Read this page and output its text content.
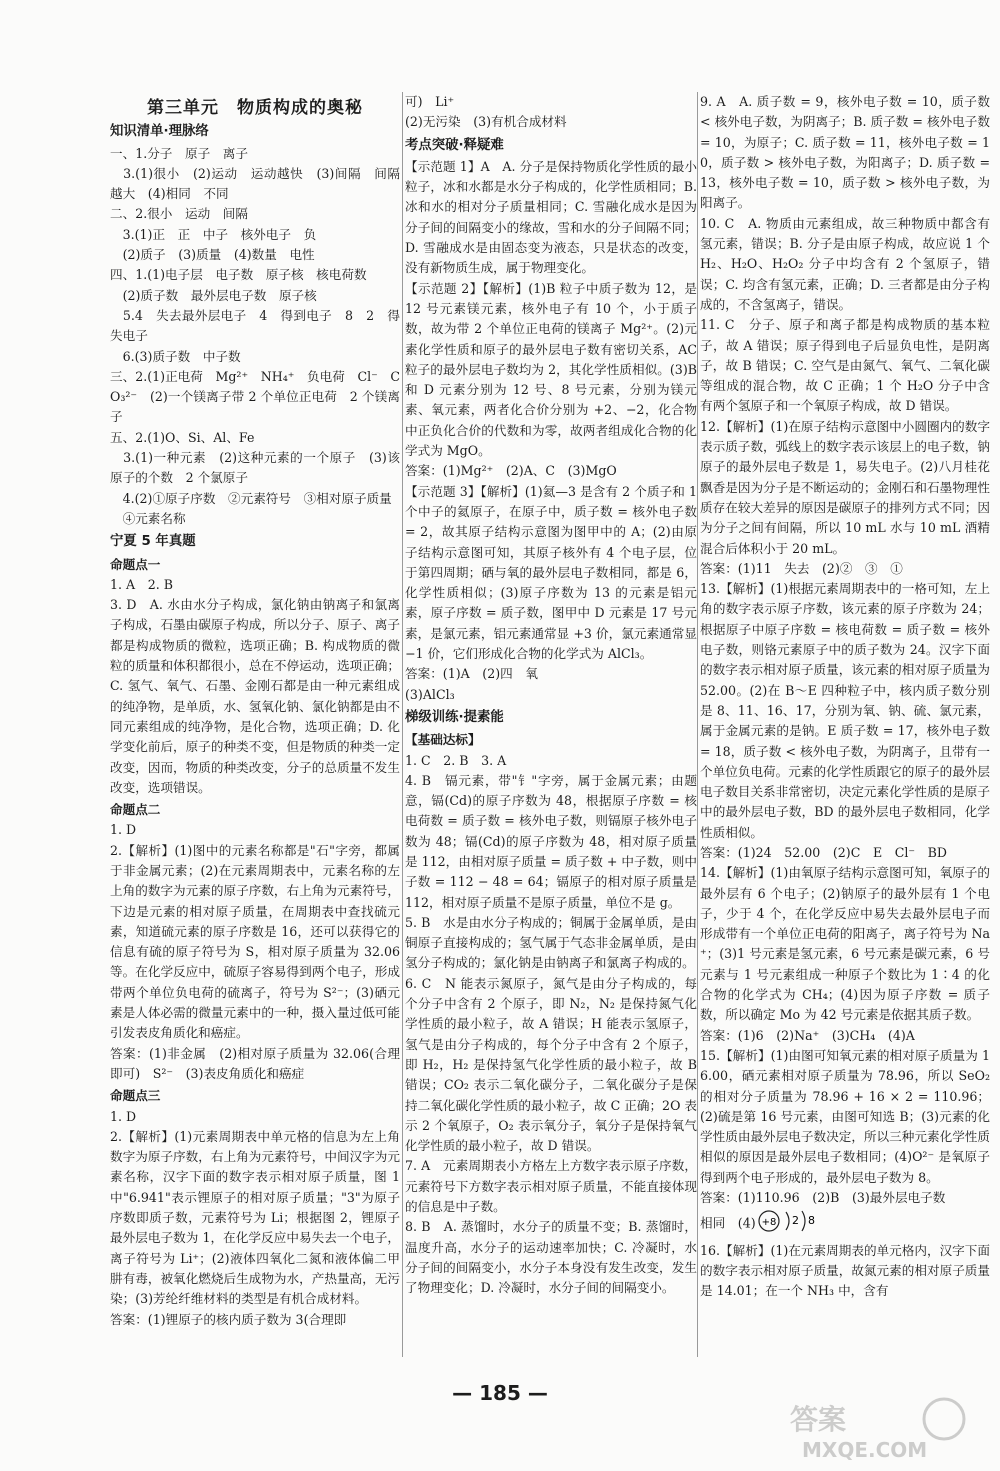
第三单元　物质构成的奥秘
知识清单·理脉络
一、1.分子　原子　离子
　3.(1)很小　(2)运动　运动越快　(3)间隔　间隔越大　(4)相同　不同
二、2.很小　运动　间隔
　3.(1)正　正　中子　核外电子　负
　(2)质子　(3)质量　(4)数量　电性
四、1.(1)电子层　电子数　原子核　核电荷数
　(2)质子数　最外层电子数　原子核
　5.4　失去最外层电子　4　得到电子　8　2　得失电子
　6.(3)质子数　中子数
三、2.(1)正电荷　Mg²⁺　NH₄⁺　负电荷　Cl⁻　CO₃²⁻　(2)一个镁离子带 2 个单位正电荷　2 个镁离子
五、2.(1)O、Si、Al、Fe
　3.(1)一种元素　(2)这种元素的一个原子　(3)该原子的个数　2 个氯原子
　4.(2)①原子序数　②元素符号　③相对原子质量
　④元素名称
宁夏 5 年真题
命题点一
1. A　2. B
3. D　A. 水由水分子构成，氯化钠由钠离子和氯离子构成，石墨由碳原子构成，所以分子、原子、离子都是构成物质的微粒，选项正确；B. 构成物质的微粒的质量和体积都很小，总在不停运动，选项正确；C. 氢气、氧气、石墨、金刚石都是由一种元素组成的纯净物，是单质，水、氢氧化钠、氯化钠都是由不同元素组成的纯净物，是化合物，选项正确；D. 化学变化前后，原子的种类不变，但是物质的种类一定改变，因而，物质的种类改变，分子的总质量不发生改变，选项错误。
命题点二
1. D
2.【解析】(1)图中的元素名称都是"石"字旁，都属于非金属元素；(2)在元素周期表中，元素名称的左上角的数字为元素的原子序数，右上角为元素符号，下边是元素的相对原子质量，在周期表中查找硫元素，知道硫元素的原子序数是 16，还可以获得它的信息有硫的原子符号为 S，相对原子质量为 32.06 等。在化学反应中，硫原子容易得到两个电子，形成带两个单位负电荷的硫离子，符号为 S²⁻；(3)硒元素是人体必需的微量元素中的一种，摄入量过低可能引发表皮角质化和癌症。
答案：(1)非金属　(2)相对原子质量为 32.06(合理即可)　S²⁻　(3)表皮角质化和癌症
命题点三
1. D
2.【解析】(1)元素周期表中单元格的信息为左上角数字为原子序数，右上角为元素符号，中间汉字为元素名称，汉字下面的数字表示相对原子质量，图 1 中"6.941"表示锂原子的相对原子质量；"3"为原子序数即质子数，元素符号为 Li；根据图 2，锂原子最外层电子数为 1，在化学反应中易失去一个电子，离子符号为 Li⁺；(2)液体四氧化二氮和液体偏二甲肼有毒，被氧化燃烧后生成物为水，产热量高，无污染；(3)芳纶纤维材料的类型是有机合成材料。
答案：(1)锂原子的核内质子数为 3(合理即
可)　Li⁺
(2)无污染　(3)有机合成材料
考点突破·释疑难
【示范题 1】A　A. 分子是保持物质化学性质的最小粒子，冰和水都是水分子构成的，化学性质相同；B. 冰和水的相对分子质量相同；C. 雪融化成水是因为分子间的间隔变小的缘故，雪和水的分子间隔不同；D. 雪融成水是由固态变为液态，只是状态的改变，没有新物质生成，属于物理变化。
【示范题 2】【解析】(1)B 粒子中质子数为 12，是 12 号元素镁元素，核外电子有 10 个，小于质子数，故为带 2 个单位正电荷的镁离子 Mg²⁺。(2)元素化学性质和原子的最外层电子数有密切关系，AC 粒子的最外层电子数均为 2，其化学性质相似。(3)B 和 D 元素分别为 12 号、8 号元素，分别为镁元素、氧元素，两者化合价分别为 +2、−2，化合物中正负化合价的代数和为零，故两者组成化合物的化学式为 MgO。
答案：(1)Mg²⁺　(2)A、C　(3)MgO
【示范题 3】【解析】(1)氦—3 是含有 2 个质子和 1 个中子的氦原子，在原子中，质子数 = 核外电子数 = 2，故其原子结构示意图为图甲中的 A；(2)由原子结构示意图可知，其原子核外有 4 个电子层，位于第四周期；硒与氧的最外层电子数相同，都是 6，化学性质相似；(3)原子序数为 13 的元素是铝元素，原子序数 = 质子数，图甲中 D 元素是 17 号元素，是氯元素，铝元素通常显 +3 价，氯元素通常显 −1 价，它们形成化合物的化学式为 AlCl₃。
答案：(1)A　(2)四　氧
(3)AlCl₃
梯级训练·提素能
【基础达标】
1. C　2. B　3. A
4. B　镉元素，带"钅"字旁，属于金属元素；由题意，镉(Cd)的原子序数为 48，根据原子序数 = 核电荷数 = 质子数 = 核外电子数，则镉原子核外电子数为 48；镉(Cd)的原子序数为 48，相对原子质量是 112，由相对原子质量 = 质子数 + 中子数，则中子数 = 112 − 48 = 64；镉原子的相对原子质量是 112，相对原子质量不是原子质量，单位不是 g。
5. B　水是由水分子构成的；铜属于金属单质，是由铜原子直接构成的；氢气属于气态非金属单质，是由氢分子构成的；氯化钠是由钠离子和氯离子构成的。
6. C　N 能表示氮原子，氮气是由分子构成的，每个分子中含有 2 个原子，即 N₂，N₂ 是保持氮气化学性质的最小粒子，故 A 错误；H 能表示氢原子，氢气是由分子构成的，每个分子中含有 2 个原子，即 H₂，H₂ 是保持氢气化学性质的最小粒子，故 B 错误；CO₂ 表示二氧化碳分子，二氧化碳分子是保持二氧化碳化学性质的最小粒子，故 C 正确；2O 表示 2 个氧原子，O₂ 表示氧分子，氧分子是保持氧气化学性质的最小粒子，故 D 错误。
7. A　元素周期表小方格左上方数字表示原子序数，元素符号下方数字表示相对原子质量，不能直接体现的信息是中子数。
8. B　A. 蒸馏时，水分子的质量不变；B. 蒸馏时，温度升高，水分子的运动速率加快；C. 冷凝时，水分子间的间隔变小，水分子本身没有发生改变，发生了物理变化；D. 冷凝时，水分子间的间隔变小。
9. A　A. 质子数 = 9，核外电子数 = 10，质子数 < 核外电子数，为阴离子；B. 质子数 = 核外电子数 = 10，为原子；C. 质子数 = 11，核外电子数 = 10，质子数 > 核外电子数，为阳离子；D. 质子数 = 13，核外电子数 = 10，质子数 > 核外电子数，为阳离子。
10. C　A. 物质由元素组成，故三种物质中都含有氢元素，错误；B. 分子是由原子构成，故应说 1 个 H₂、H₂O、H₂O₂ 分子中均含有 2 个氢原子，错误；C. 均含有氢元素，正确；D. 三者都是由分子构成的，不含氢离子，错误。
11. C　分子、原子和离子都是构成物质的基本粒子，故 A 错误；原子得到电子后显负电性，是阴离子，故 B 错误；C. 空气是由氮气、氧气、二氧化碳等组成的混合物，故 C 正确；1 个 H₂O 分子中含有两个氢原子和一个氧原子构成，故 D 错误。
12.【解析】(1)在原子结构示意图中小圆圈内的数字表示质子数，弧线上的数字表示该层上的电子数，钠原子的最外层电子数是 1，易失电子。(2)八月桂花飘香是因为分子是不断运动的；金刚石和石墨物理性质存在较大差异的原因是碳原子的排列方式不同；因为分子之间有间隔，所以 10 mL 水与 10 mL 酒精混合后体积小于 20 mL。
答案：(1)11　失去　(2)②　③　①
13.【解析】(1)根据元素周期表中的一格可知，左上角的数字表示原子序数，该元素的原子序数为 24；根据原子中原子序数 = 核电荷数 = 质子数 = 核外电子数，则铬元素原子中的质子数为 24。汉字下面的数字表示相对原子质量，该元素的相对原子质量为 52.00。(2)在 B～E 四种粒子中，核内质子数分别是 8、11、16、17，分别为氧、钠、硫、氯元素，属于金属元素的是钠。E 质子数 = 17，核外电子数 = 18，质子数 < 核外电子数，为阴离子，且带有一个单位负电荷。元素的化学性质跟它的原子的最外层电子数目关系非常密切，决定元素化学性质的是原子中的最外层电子数，BD 的最外层电子数相同，化学性质相似。
答案：(1)24　52.00　(2)C　E　Cl⁻　BD
14.【解析】(1)由氧原子结构示意图可知，氧原子的最外层有 6 个电子；(2)钠原子的最外层有 1 个电子，少于 4 个，在化学反应中易失去最外层电子而形成带有一个单位正电荷的阳离子，离子符号为 Na⁺；(3)1 号元素是氢元素，6 号元素是碳元素，6 号元素与 1 号元素组成一种原子个数比为 1∶4 的化合物的化学式为 CH₄；(4)因为原子序数 = 质子数，所以确定 Mo 为 42 号元素是依据其质子数。
答案：(1)6　(2)Na⁺　(3)CH₄　(4)A
15.【解析】(1)由图可知氧元素的相对原子质量为 16.00，硒元素相对原子质量为 78.96，所以 SeO₂ 的相对分子质量为 78.96 + 16 × 2 = 110.96；(2)硫是第 16 号元素，由图可知选 B；(3)元素的化学性质由最外层电子数决定，所以三种元素化学性质相似的原因是最外层电子数相同；(4)O²⁻ 是氧原子得到两个电子形成的，最外层电子数为 8。
答案：(1)110.96　(2)B　(3)最外层电子数
相同　(4) +8 2 8
16.【解析】(1)在元素周期表的单元格内，汉字下面的数字表示相对原子质量，故氮元素的相对原子质量是 14.01；在一个 NH₃ 中，含有
— 185 —
答案
MXQE.COM
